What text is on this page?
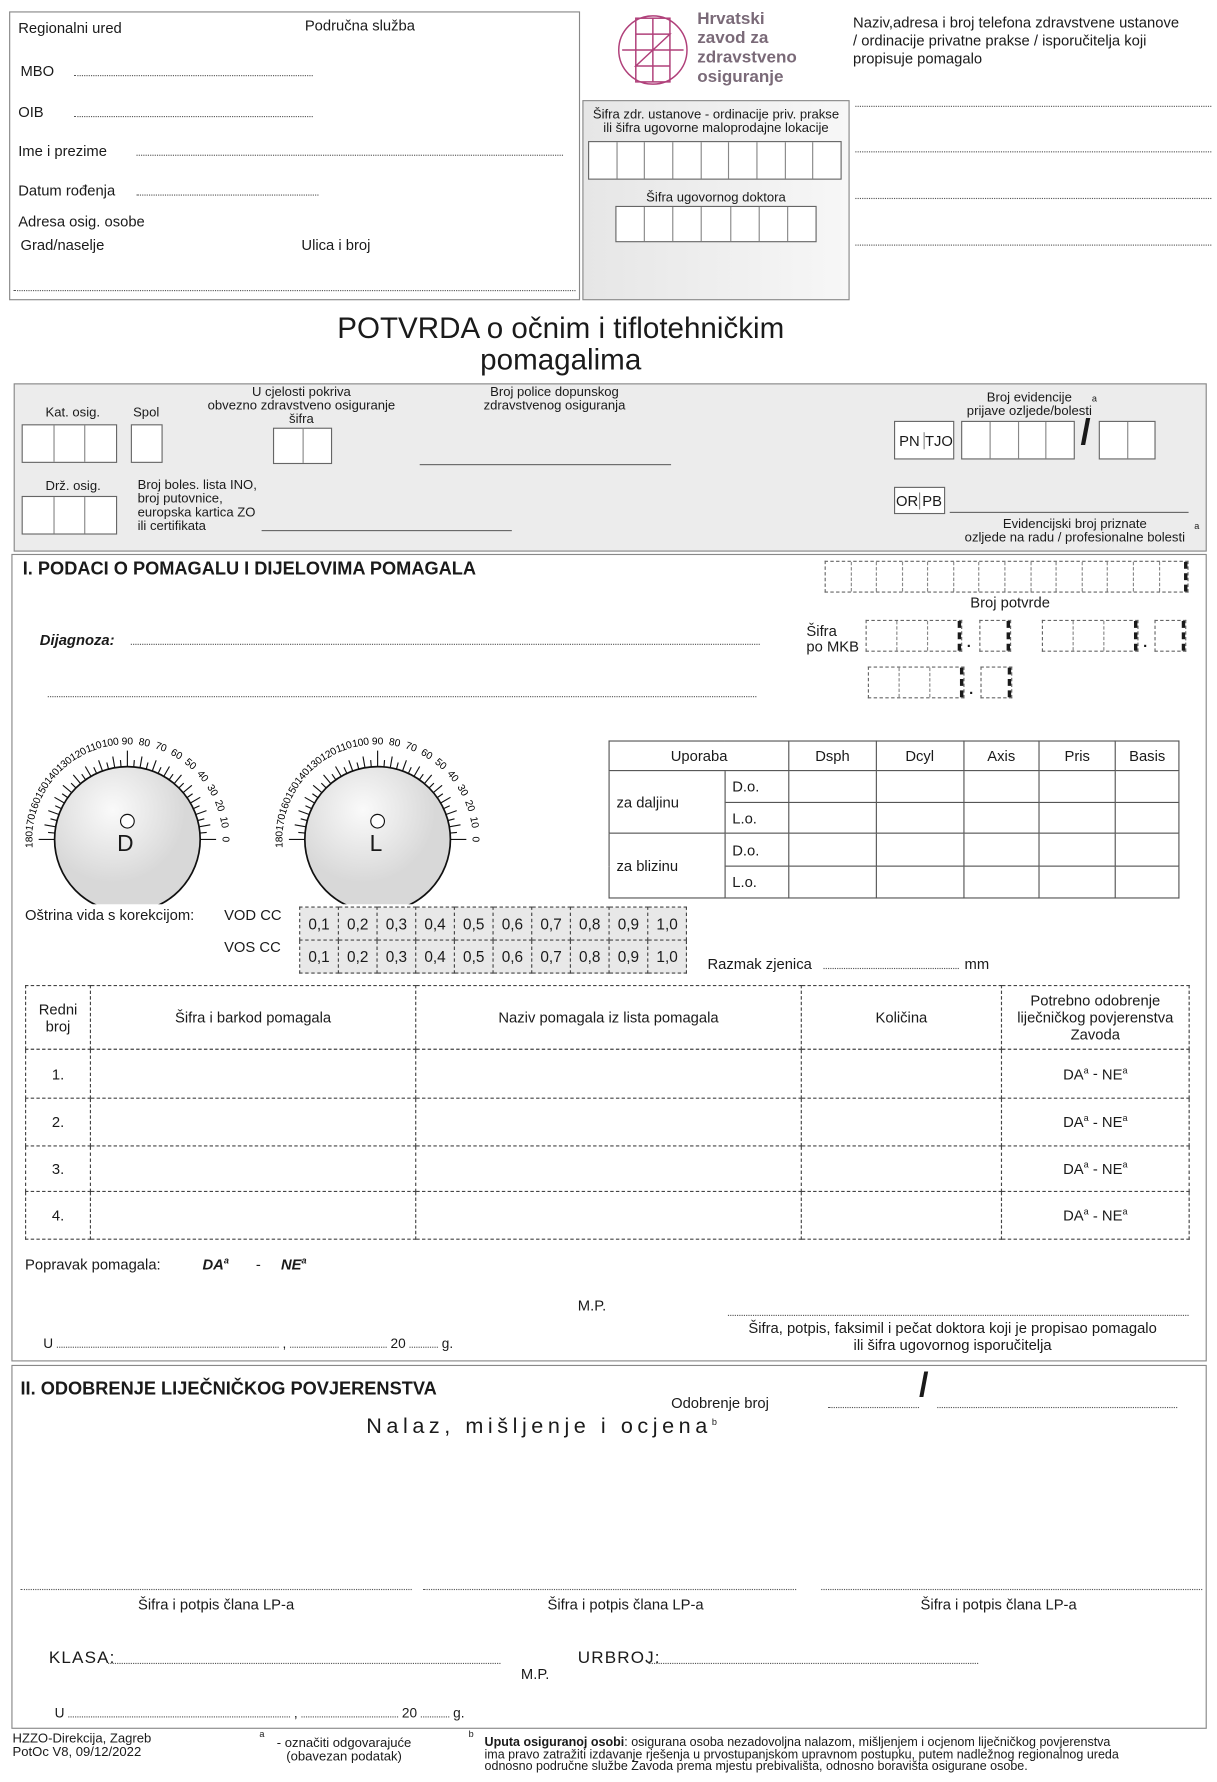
Regionalni ured	Područna služba
MBO
OIB
Ime i prezime
Datum rođenja
Adresa osig. osobe
Grad/naselje	Ulica i broj
Hrvatski
zavod za
zdravstveno
osiguranje
Šifra zdr. ustanove - ordinacije priv. prakse
ili šifra ugovorne maloprodajne lokacije
Šifra ugovornog doktora
Naziv,adresa i broj telefona zdravstvene ustanove
/ ordinacije privatne prakse / isporučitelja koji
propisuje pomagalo
POTVRDA o očnim i tiflotehničkim
pomagalima
Kat. osig.	Spol
U cjelosti pokriva
obvezno zdravstveno osiguranje
šifra
Broj police dopunskog
zdravstvenog osiguranja
Drž. osig.	Broj boles. lista INO,
broj putovnice,
europska kartica ZO
ili certifikata
Broj evidencije
prijave ozljede/bolesti
a
PN TJO	/
OR PB
Evidencijski broj priznate
ozljede na radu / profesionalne bolesti
a
I. PODACI O POMAGALU I DIJELOVIMA POMAGALA
Broj potvrde
Dijagnoza:
Šifra
po MKB	.	.
.
0
10
20
30
40
50
60
70
80
90
100
110
120
130
140
150
160
170
180	0
10
20
30
40
50
60
70
80
90
100
110
120
130
140
150
160
170
180
D	L
Uporaba		Dsph	Dcyl	Axis	Pris	Basis
za daljinu	D.o.					
	L.o.					
za blizinu	D.o.					
	L.o.					
Oštrina vida s korekcijom: VOD CC
VOS CC
0,1	0,2	0,3	0,4	0,5	0,6	0,7	0,8	0,9	1,0
0,1	0,2	0,3	0,4	0,5	0,6	0,7	0,8	0,9	1,0 Razmak zjenica	mm
Redni broj	Šifra i barkod pomagala	Naziv pomagala iz lista pomagala	Količina	Potrebno odobrenje liječničkog povjerenstva Zavoda
1.				$DA^a - NE^a$
2.				$DA^a - NE^a$
3.				$DA^a - NE^a$
4.				$DA^a - NE^a$
Popravak pomagala:	$DA^a - NE^a$
M.P.
U	,	20	g.
Šifra, potpis, faksimil i pečat doktora koji je propisao pomagalo
ili šifra ugovornog isporučitelja
II. ODOBRENJE LIJEČNIČKOG POVJERENSTVA
Odobrenje broj	/
Nalaz, mišljenje i ocjena$^b$
Šifra i potpis člana LP-a	Šifra i potpis člana LP-a	Šifra i potpis člana LP-a
KLASA:
M.P.
URBROJ:
U	,	20	g.
HZZO-Direkcija, Zagreb
PotOc V8, 09/12/2022
a
- označiti odgovarajuće
(obavezan podatak)
b
Uputa osiguranoj osobi: osigurana osoba nezadovoljna nalazom, mišljenjem i ocjenom liječničkog povjerenstva
ima pravo zatražiti izdavanje rješenja u prvostupanjskom upravnom postupku, putem nadležnog regionalnog ureda
odnosno područne službe Zavoda prema mjestu prebivališta, odnosno boravišta osigurane osobe.
